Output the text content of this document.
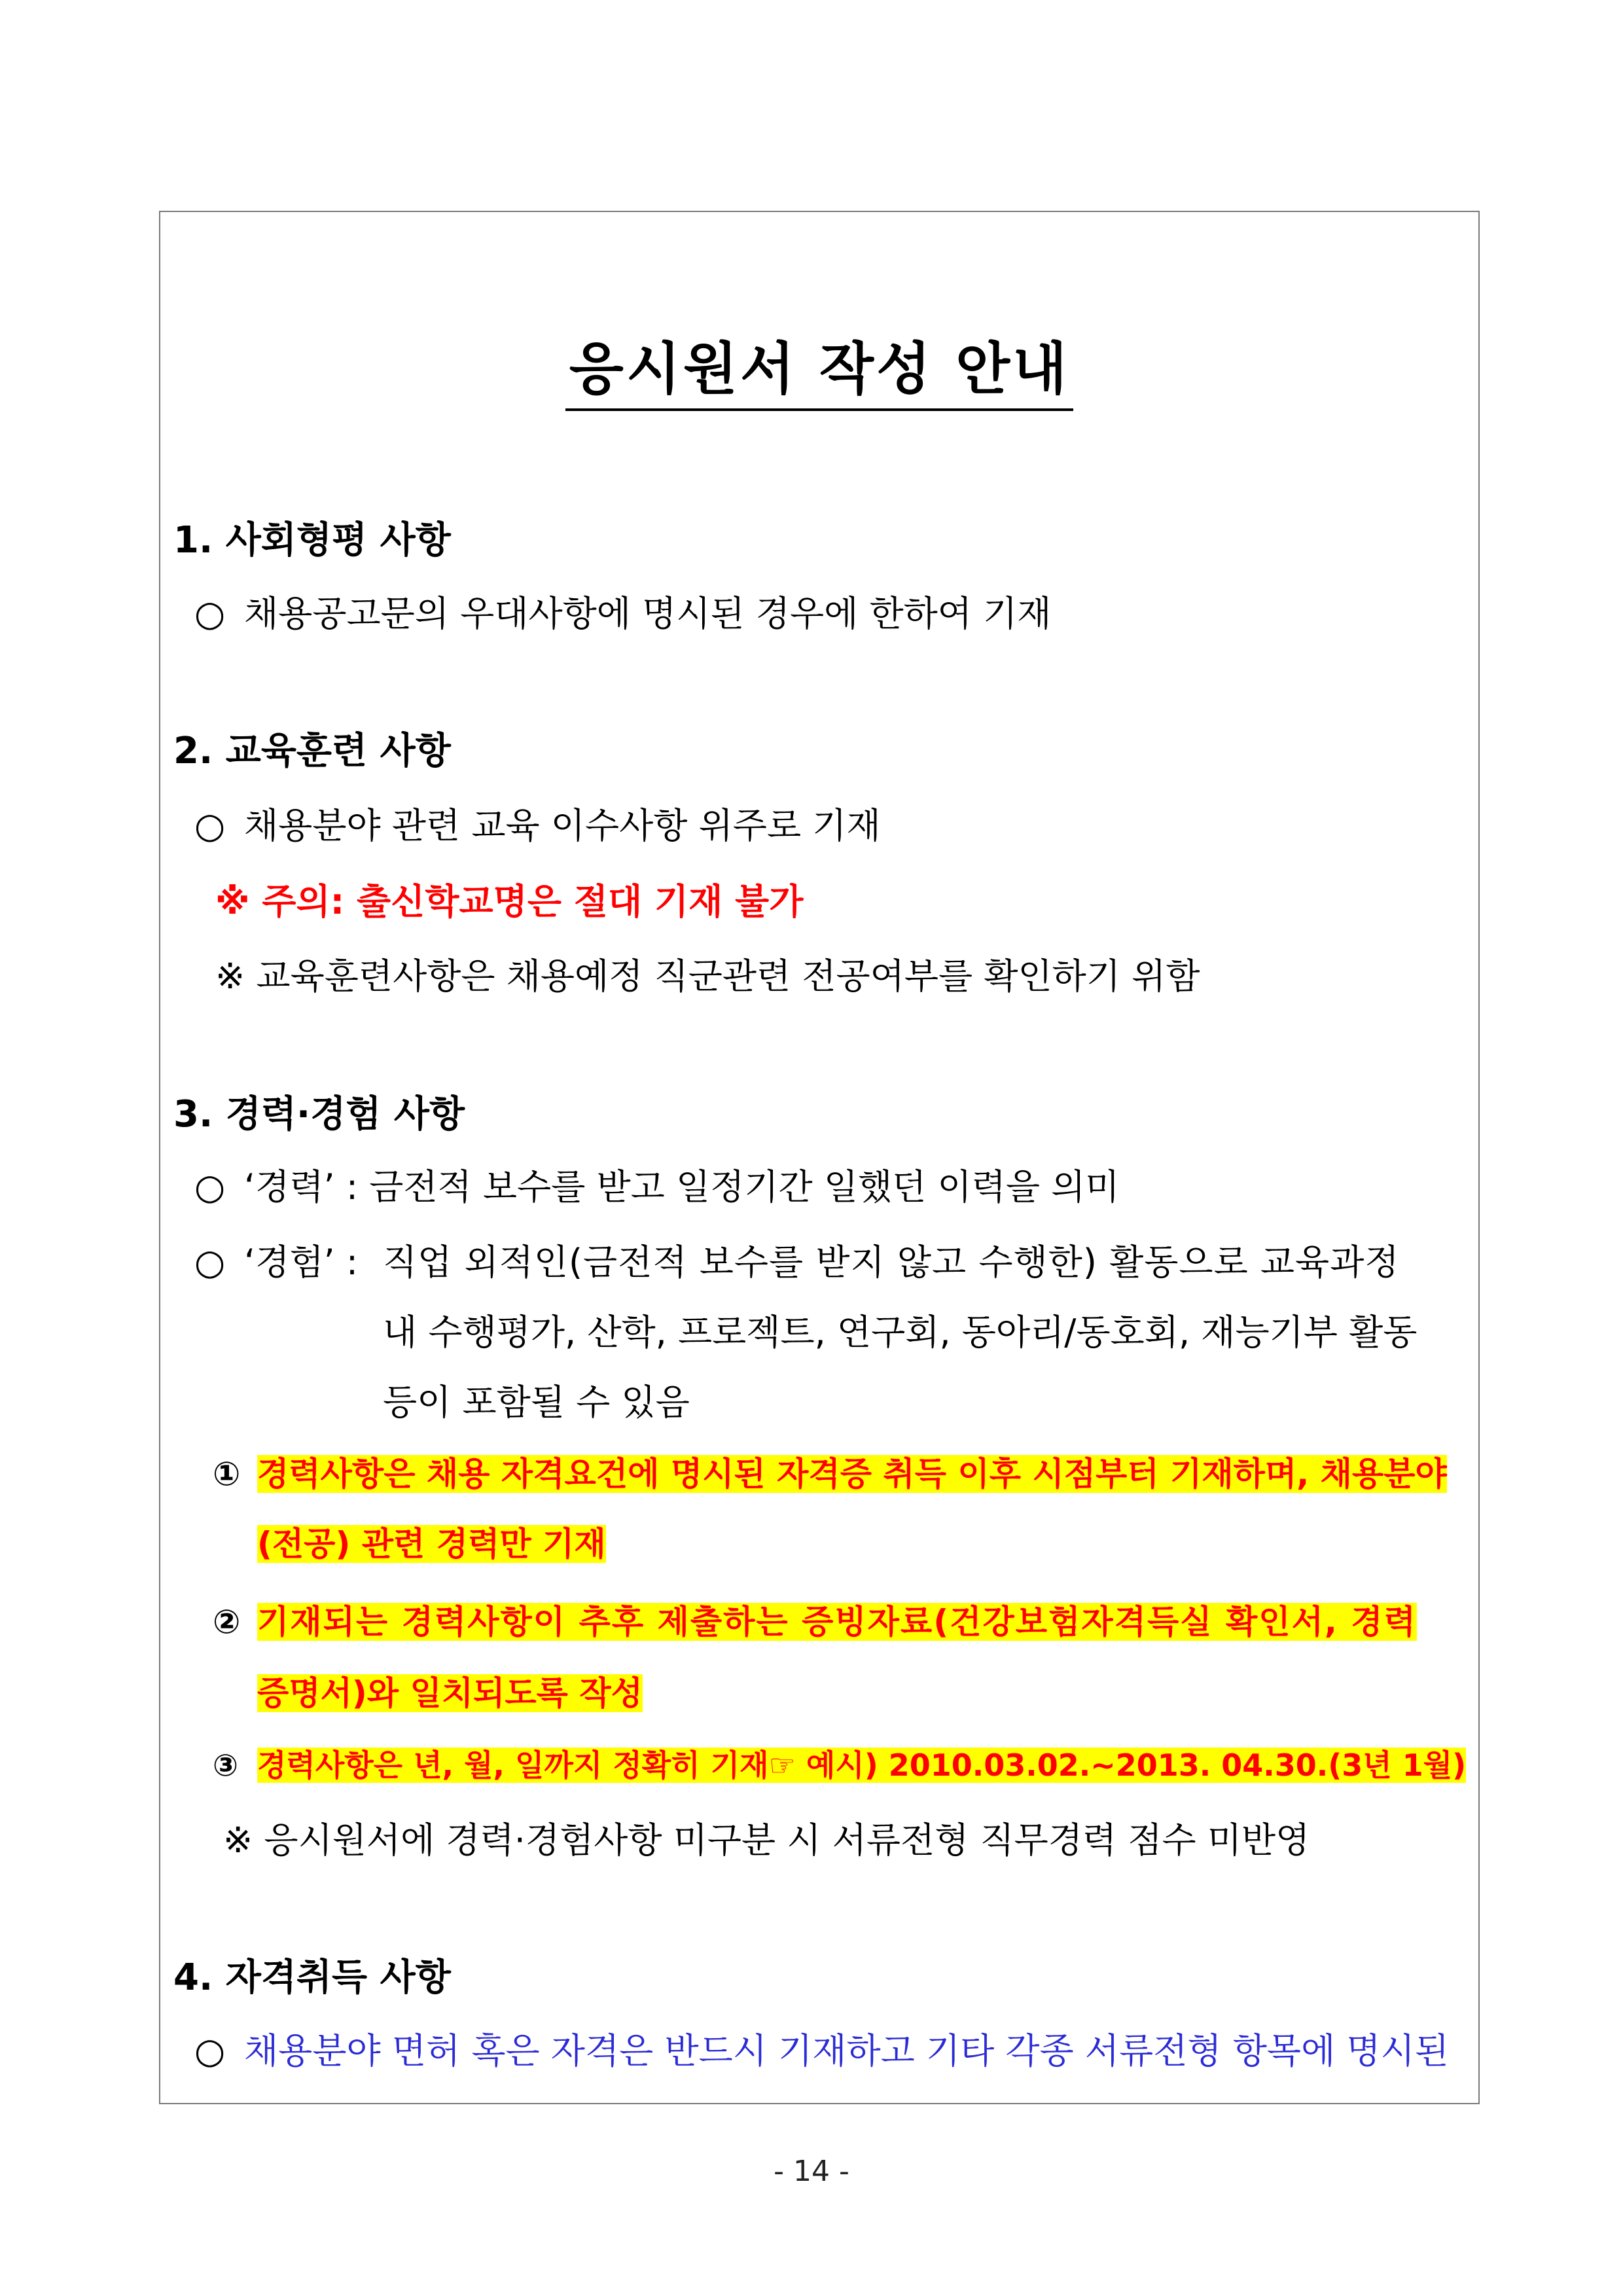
응시원서 작성 안내
1. 사회형평 사항
○ 채용공고문의 우대사항에 명시된 경우에 한하여 기재
2. 교육훈련 사항
○ 채용분야 관련 교육 이수사항 위주로 기재
※ 주의: 출신학교명은 절대 기재 불가
※ 교육훈련사항은 채용예정 직군관련 전공여부를 확인하기 위함
3. 경력·경험 사항
○ ‘경력’ : 금전적 보수를 받고 일정기간 일했던 이력을 의미
○ ‘경험’ : 직업 외적인(금전적 보수를 받지 않고 수행한) 활동으로 교육과정
내 수행평가, 산학, 프로젝트, 연구회, 동아리/동호회, 재능기부 활동
등이 포함될 수 있음
① 경력사항은 채용 자격요건에 명시된 자격증 취득 이후 시점부터 기재하며, 채용분야
(전공) 관련 경력만 기재
② 기재되는 경력사항이 추후 제출하는 증빙자료(건강보험자격득실 확인서, 경력
증명서)와 일치되도록 작성
③ 경력사항은 년, 월, 일까지 정확히 기재☞ 예시) 2010.03.02.~2013. 04.30.(3년 1월)
※ 응시원서에 경력·경험사항 미구분 시 서류전형 직무경력 점수 미반영
4. 자격취득 사항
○ 채용분야 면허 혹은 자격은 반드시 기재하고 기타 각종 서류전형 항목에 명시된
- 14 -
